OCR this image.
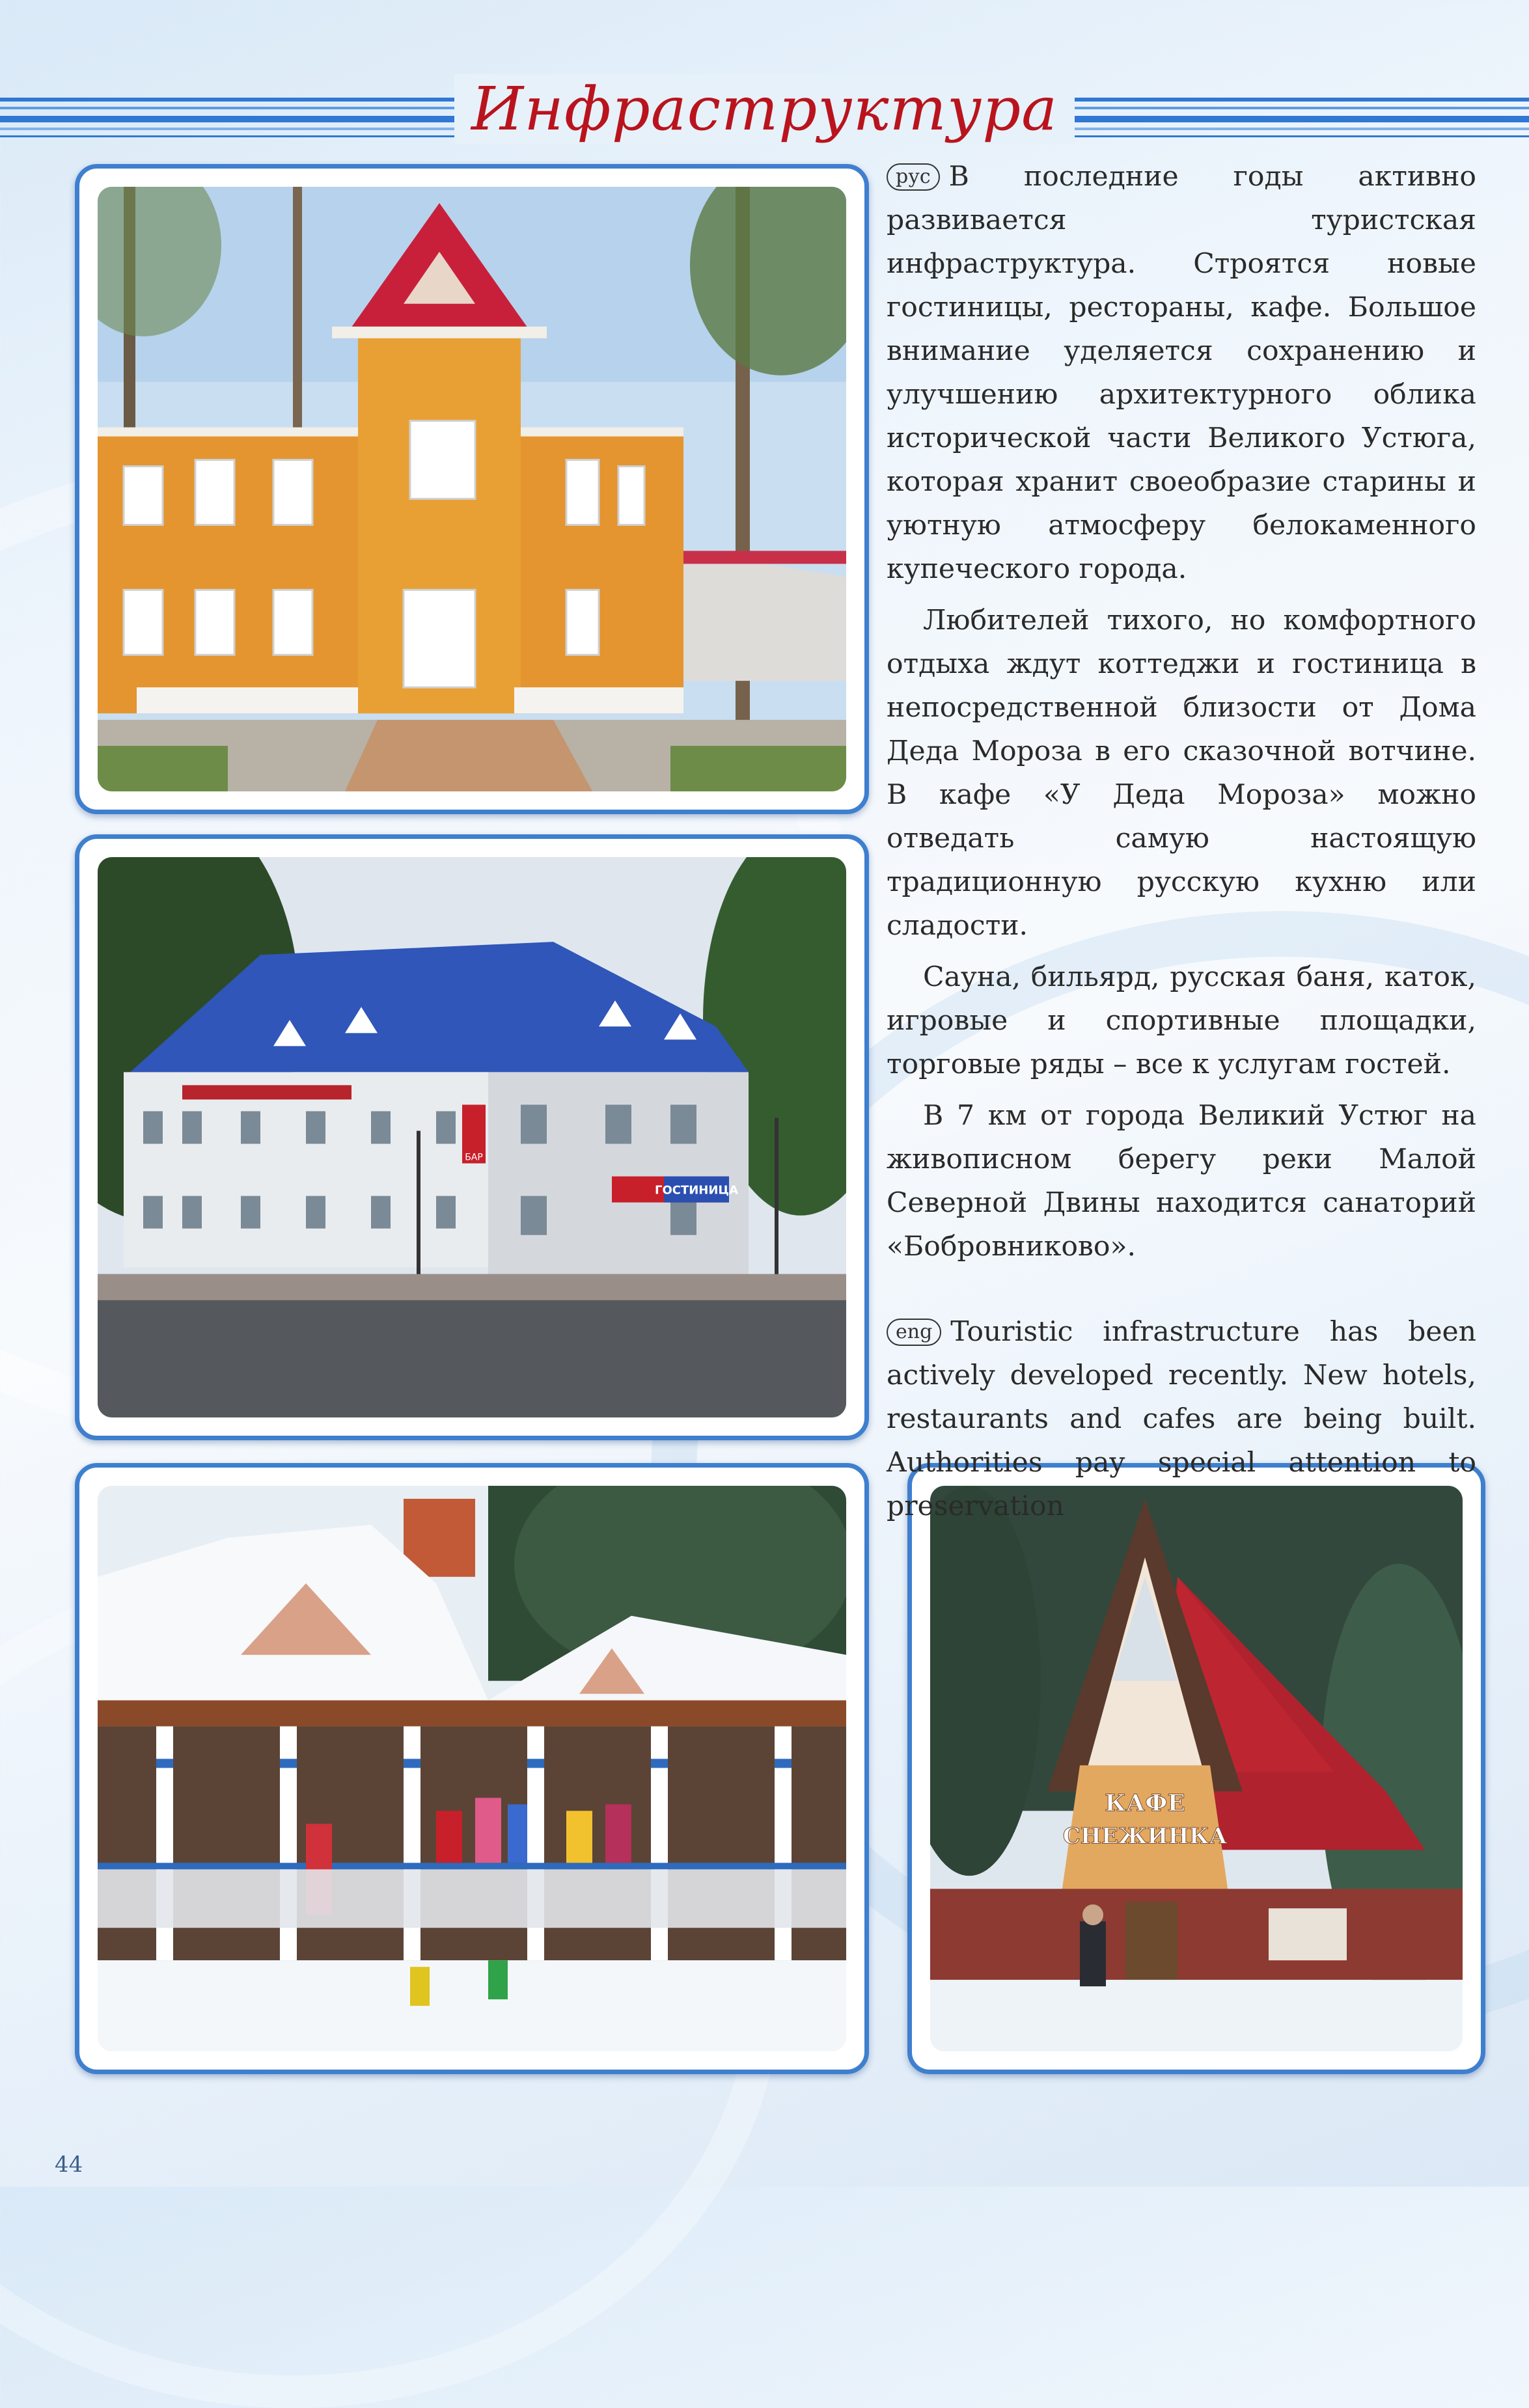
Инфраструктура
БАР
ГОСТИНИЦА
КАФЕ
СНЕЖИНКА

рус В последние годы активно развивается туристская инфраструктура. Строятся новые гостиницы, рестораны, кафе. Большое внимание уделяется сохранению и улучшению архитектурного облика исторической части Великого Устюга, которая хранит своеобразие старины и уютную атмосферу белокаменного купеческого города.

Любителей тихого, но комфортного отдыха ждут коттеджи и гостиница в непосредственной близости от Дома Деда Мороза в его сказочной вотчине. В кафе «У Деда Мороза» можно отведать самую настоящую традиционную русскую кухню или сладости.

Сауна, бильярд, русская баня, каток, игровые и спортивные площадки, торговые ряды – все к услугам гостей.

В 7 км от города Великий Устюг на живописном берегу реки Малой Северной Двины находится санаторий «Бобровниково».

eng Touristic infrastructure has been actively developed recently. New hotels, restaurants and cafes are being built. Authorities pay special attention to preservation

44
